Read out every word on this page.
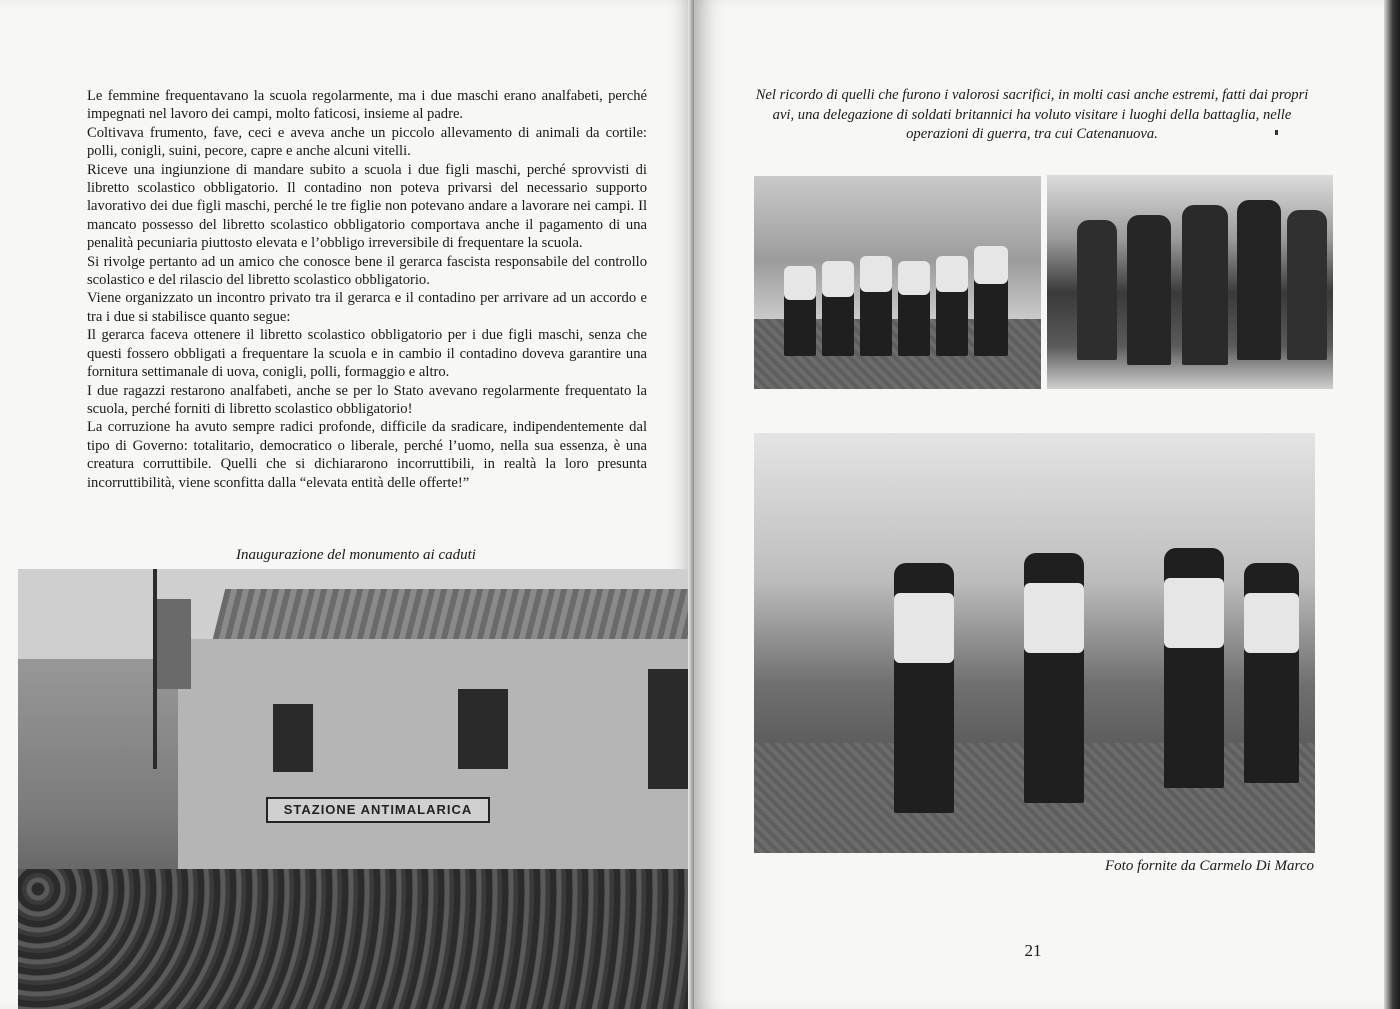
Le femmine frequentavano la scuola regolarmente, ma i due maschi erano analfabeti, perché impegnati nel lavoro dei campi, molto faticosi, insieme al padre.

Coltivava frumento, fave, ceci e aveva anche un piccolo allevamento di animali da cortile: polli, conigli, suini, pecore, capre e anche alcuni vitelli.

Riceve una ingiunzione di mandare subito a scuola i due figli maschi, perché sprovvisti di libretto scolastico obbligatorio. Il contadino non poteva privarsi del necessario supporto lavorativo dei due figli maschi, perché le tre figlie non potevano andare a lavorare nei campi. Il mancato possesso del libretto scolastico obbligatorio comportava anche il pagamento di una penalità pecuniaria piuttosto elevata e l’obbligo irreversibile di frequentare la scuola.

Si rivolge pertanto ad un amico che conosce bene il gerarca fascista responsabile del controllo scolastico e del rilascio del libretto scolastico obbligatorio.

Viene organizzato un incontro privato tra il gerarca e il contadino per arrivare ad un accordo e tra i due si stabilisce quanto segue:

Il gerarca faceva ottenere il libretto scolastico obbligatorio per i due figli maschi, senza che questi fossero obbligati a frequentare la scuola e in cambio il contadino doveva garantire una fornitura settimanale di uova, conigli, polli, formaggio e altro.

I due ragazzi restarono analfabeti, anche se per lo Stato avevano regolarmente frequentato la scuola, perché forniti di libretto scolastico obbligatorio!

La corruzione ha avuto sempre radici profonde, difficile da sradicare, indipendentemente dal tipo di Governo: totalitario, democratico o liberale, perché l’uomo, nella sua essenza, è una creatura corruttibile. Quelli che si dichiararono incorruttibili, in realtà la loro presunta incorruttibilità, viene sconfitta dalla “elevata entità delle offerte!”

Inaugurazione del monumento ai caduti
STAZIONE ANTIMALARICA
Nel ricordo di quelli che furono i valorosi sacrifici, in molti casi anche estremi, fatti dai propri avi, una delegazione di soldati britannici ha voluto visitare i luoghi della battaglia, nelle operazioni di guerra, tra cui Catenanuova.
Foto fornite da Carmelo Di Marco
21
